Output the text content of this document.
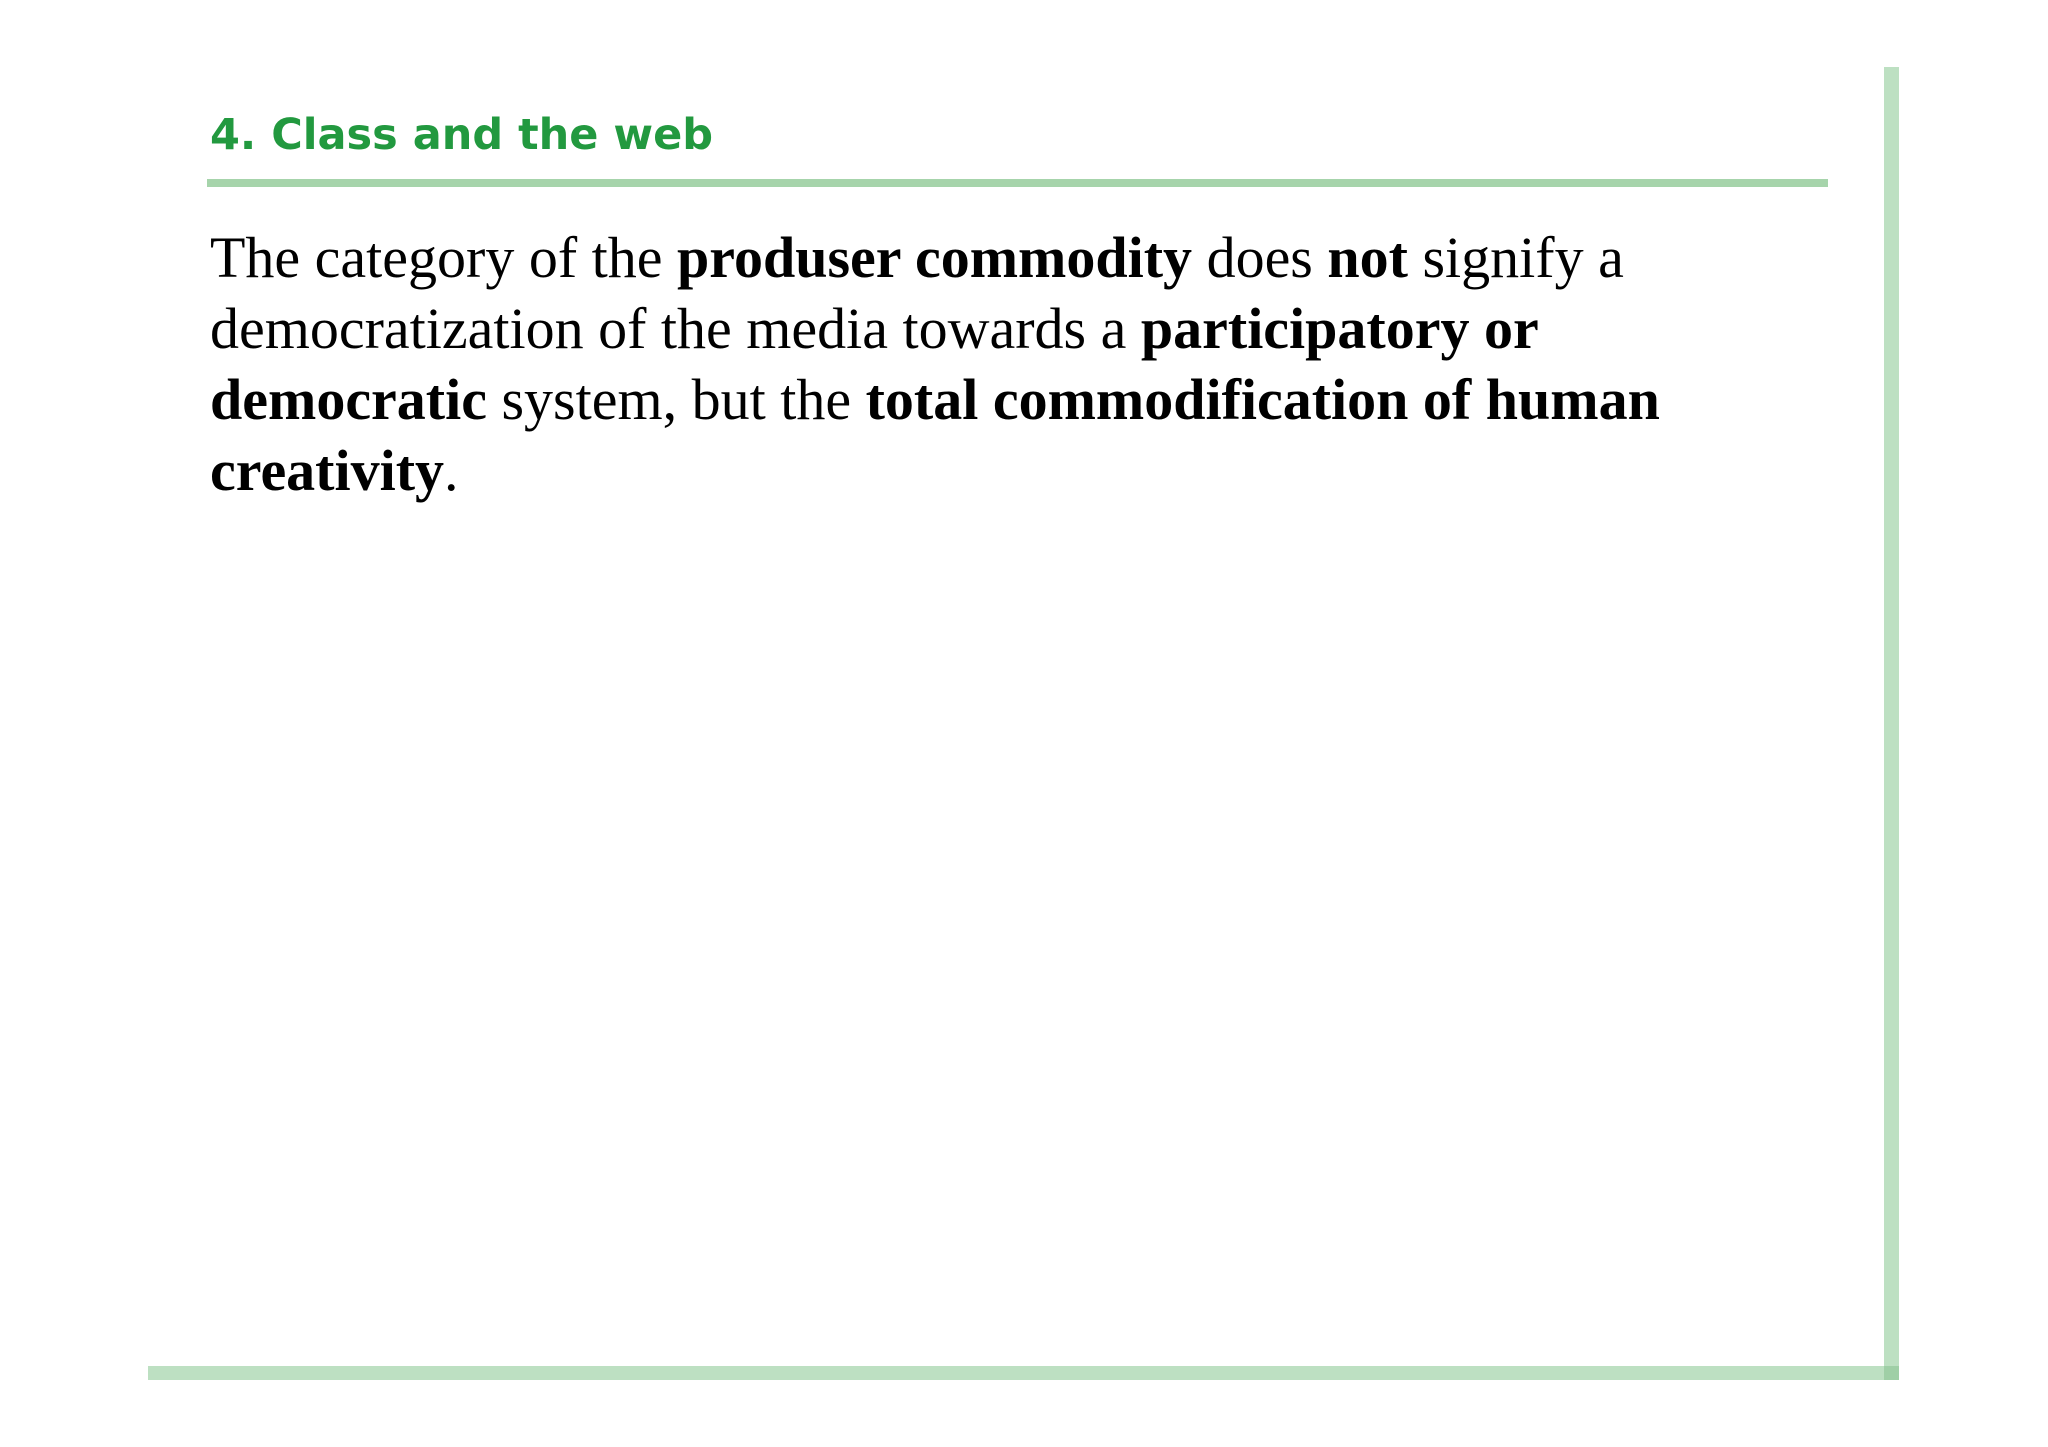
4. Class and the web

The category of the produser commodity does not signify a democratization of the media towards a participatory or democratic system, but the total commodification of human creativity.
